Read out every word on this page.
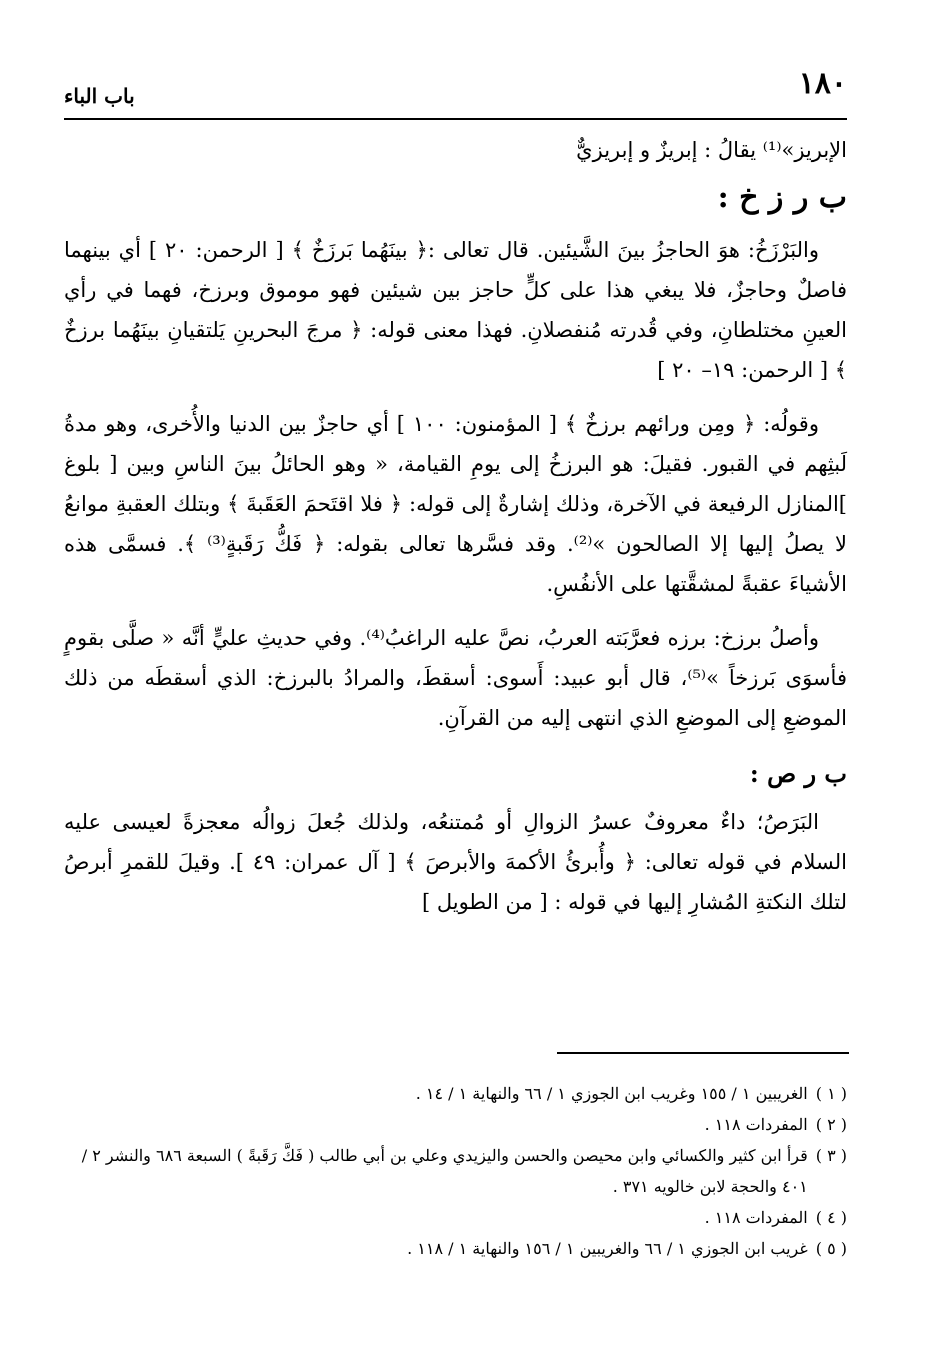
١٨٠
باب الباء

الإبريز»⁽¹⁾ يقالُ : إبريزٌ و إبريزيٌّ

ب ر ز خ :

والبَرْزَخُ: هوَ الحاجزُ بينَ الشَّيئين. قال تعالى :﴿ بينَهُما بَرزَخٌ ﴾ [ الرحمن: ٢٠ ] أي بينهما فاصلٌ وحاجزٌ، فلا يبغي هذا على كلٍّ حاجز بين شيئين فهو موموق وبرزخ، فهما في رأي العينِ مختلطانِ، وفي قُدرته مُنفصلانِ. فهذا معنى قوله: ﴿ مرجَ البحرينِ يَلتقيانِ بينَهُما برزخٌ ﴾ [ الرحمن: ١٩– ٢٠ ]

وقولُه: ﴿ ومِن ورائهم برزخٌ ﴾ [ المؤمنون: ١٠٠ ] أي حاجزٌ بين الدنيا والأُخرى، وهو مدةُ لَبثِهم في القبور. فقيلَ: هو البرزخُ إلى يومِ القيامة، « وهو الحائلُ بينَ الناسِ وبين [ بلوغ ]المنازل الرفيعة في الآخرة، وذلك إشارةٌ إلى قوله: ﴿ فلا اقتَحمَ العَقَبةَ ﴾ وبتلك العقبةِ موانعُ لا يصلُ إليها إلا الصالحون »⁽²⁾. وقد فسَّرها تعالى بقوله: ﴿ فَكُّ رَقَبةٍ⁽³⁾ ﴾. فسمَّى هذه الأشياءَ عقبةً لمشقَّتها على الأنفُسِ.

وأصلُ برزخ: برزه فعرَّبَته العربُ، نصَّ عليه الراغبُ⁽⁴⁾. وفي حديثِ عليٍّ أنَّه « صلَّى بقومٍ فأسوَى بَرزخاً »⁽⁵⁾، قال أبو عبيد: أَسوى: أسقطَ، والمرادُ بالبرزخ: الذي أسقطَه من ذلك الموضعِ إلى الموضعِ الذي انتهى إليه من القرآنِ.

ب ر ص :

البَرَصُ؛ داءٌ معروفٌ عسرُ الزوالِ أو مُمتنعُه، ولذلك جُعلَ زوالُه معجزةً لعيسى عليه السلام في قوله تعالى: ﴿ وأُبرئُ الأكمهَ والأبرصَ ﴾ [ آل عمران: ٤٩ ]. وقيلَ للقمرِ أبرصُ لتلك النكتةِ المُشارِ إليها في قوله : [ من الطويل ]

( ١ )
الغريبين ١ / ١٥٥ وغريب ابن الجوزي ١ / ٦٦ والنهاية ١ / ١٤ .
( ٢ )
المفردات ١١٨ .
( ٣ )
قرأ ابن كثير والكسائي وابن محيصن والحسن واليزيدي وعلي بن أبي طالب ( فَكَّ رَقَبةً ) السبعة ٦٨٦ والنشر ٢ / ٤٠١ والحجة لابن خالويه ٣٧١ .
( ٤ )
المفردات ١١٨ .
( ٥ )
غريب ابن الجوزي ١ / ٦٦ والغريبين ١ / ١٥٦ والنهاية ١ / ١١٨ .
